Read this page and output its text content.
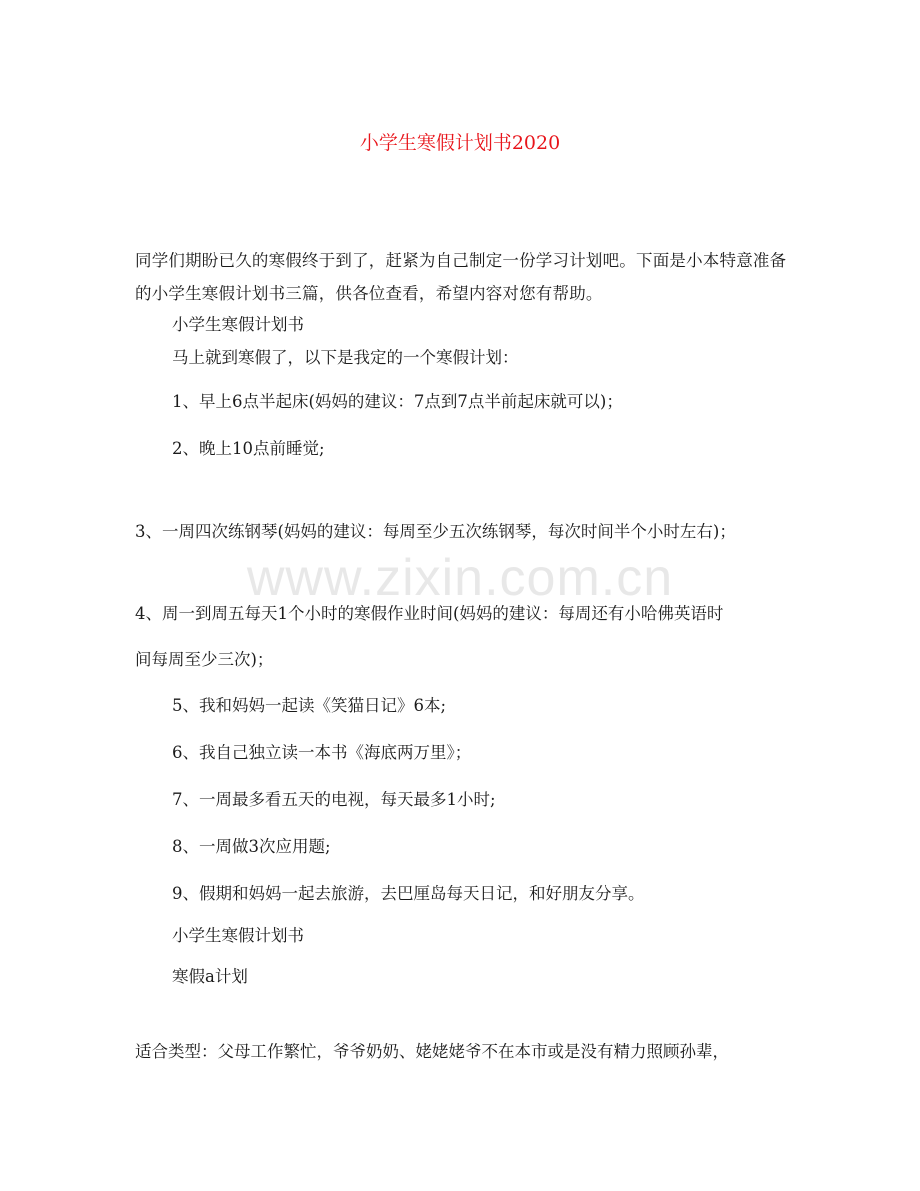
小学生寒假计划书2020
同学们期盼已久的寒假终于到了，赶紧为自己制定一份学习计划吧。下面是小本特意准备的小学生寒假计划书三篇，供各位查看，希望内容对您有帮助。
小学生寒假计划书
马上就到寒假了，以下是我定的一个寒假计划：
1、早上6点半起床(妈妈的建议：7点到7点半前起床就可以)；
2、晚上10点前睡觉;
3、一周四次练钢琴(妈妈的建议：每周至少五次练钢琴，每次时间半个小时左右)；
www.zixin.com.cn
4、周一到周五每天1个小时的寒假作业时间(妈妈的建议：每周还有小哈佛英语时
间每周至少三次)；
5、我和妈妈一起读《笑猫日记》6本;
6、我自己独立读一本书《海底两万里》；
7、一周最多看五天的电视，每天最多1小时;
8、一周做3次应用题;
9、假期和妈妈一起去旅游，去巴厘岛每天日记，和好朋友分享。
小学生寒假计划书
寒假a计划
适合类型：父母工作繁忙，爷爷奶奶、姥姥姥爷不在本市或是没有精力照顾孙辈，
